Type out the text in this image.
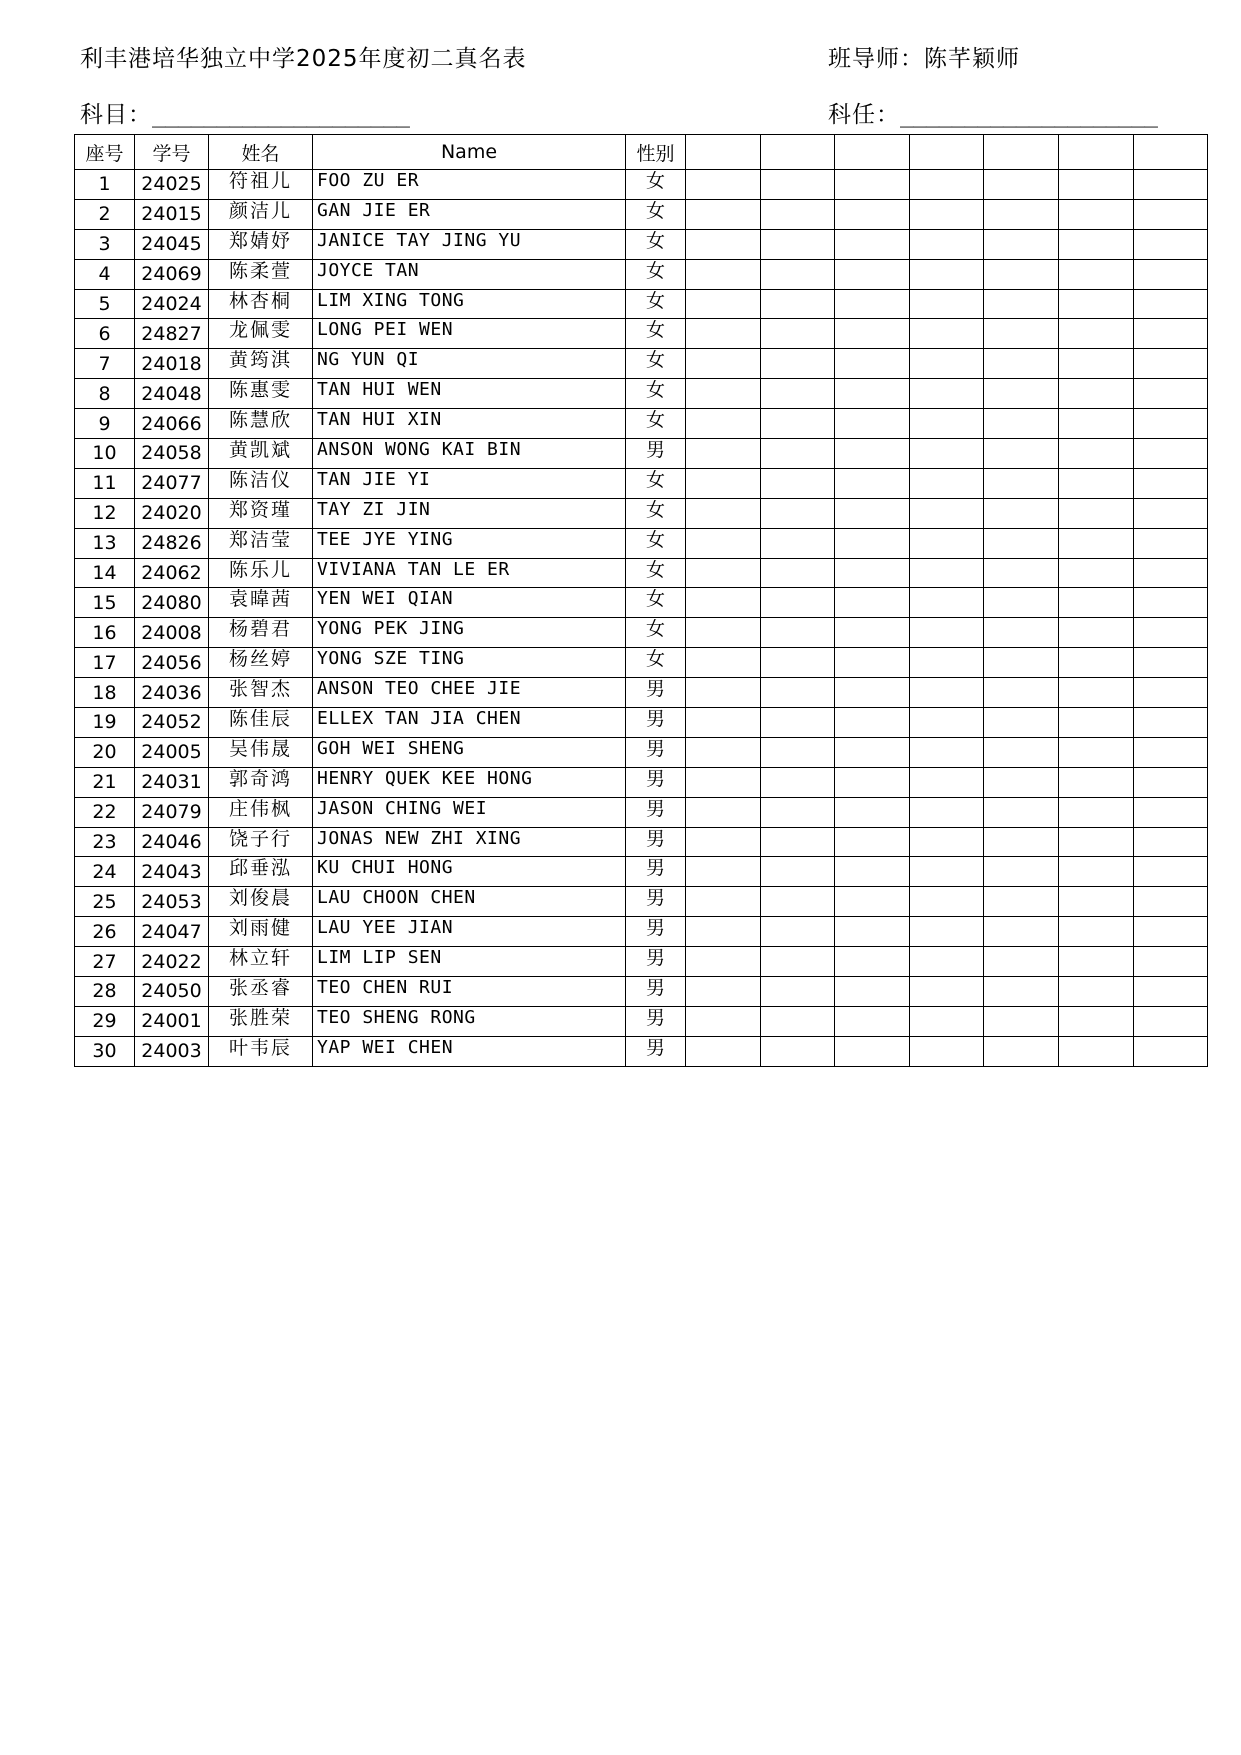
利丰港培华独立中学2025年度初二真名表	班导师：陈芊颖师
科目：____________________	科任：____________________
座号	学号	姓名	Name	性别							
1	24025	符祖儿	FOO ZU ER	女							
2	24015	颜洁儿	GAN JIE ER	女							
3	24045	郑婧妤	JANICE TAY JING YU	女							
4	24069	陈柔萱	JOYCE TAN	女							
5	24024	林杏桐	LIM XING TONG	女							
6	24827	龙佩雯	LONG PEI WEN	女							
7	24018	黄筠淇	NG YUN QI	女							
8	24048	陈惠雯	TAN HUI WEN	女							
9	24066	陈慧欣	TAN HUI XIN	女							
10	24058	黄凯斌	ANSON WONG KAI BIN	男							
11	24077	陈洁仪	TAN JIE YI	女							
12	24020	郑资瑾	TAY ZI JIN	女							
13	24826	郑洁莹	TEE JYE YING	女							
14	24062	陈乐儿	VIVIANA TAN LE ER	女							
15	24080	袁暐茜	YEN WEI QIAN	女							
16	24008	杨碧君	YONG PEK JING	女							
17	24056	杨丝婷	YONG SZE TING	女							
18	24036	张智杰	ANSON TEO CHEE JIE	男							
19	24052	陈佳辰	ELLEX TAN JIA CHEN	男							
20	24005	吴伟晟	GOH WEI SHENG	男							
21	24031	郭奇鸿	HENRY QUEK KEE HONG	男							
22	24079	庄伟枫	JASON CHING WEI	男							
23	24046	饶子行	JONAS NEW ZHI XING	男							
24	24043	邱垂泓	KU CHUI HONG	男							
25	24053	刘俊晨	LAU CHOON CHEN	男							
26	24047	刘雨健	LAU YEE JIAN	男							
27	24022	林立轩	LIM LIP SEN	男							
28	24050	张丞睿	TEO CHEN RUI	男							
29	24001	张胜荣	TEO SHENG RONG	男							
30	24003	叶韦辰	YAP WEI CHEN	男							
